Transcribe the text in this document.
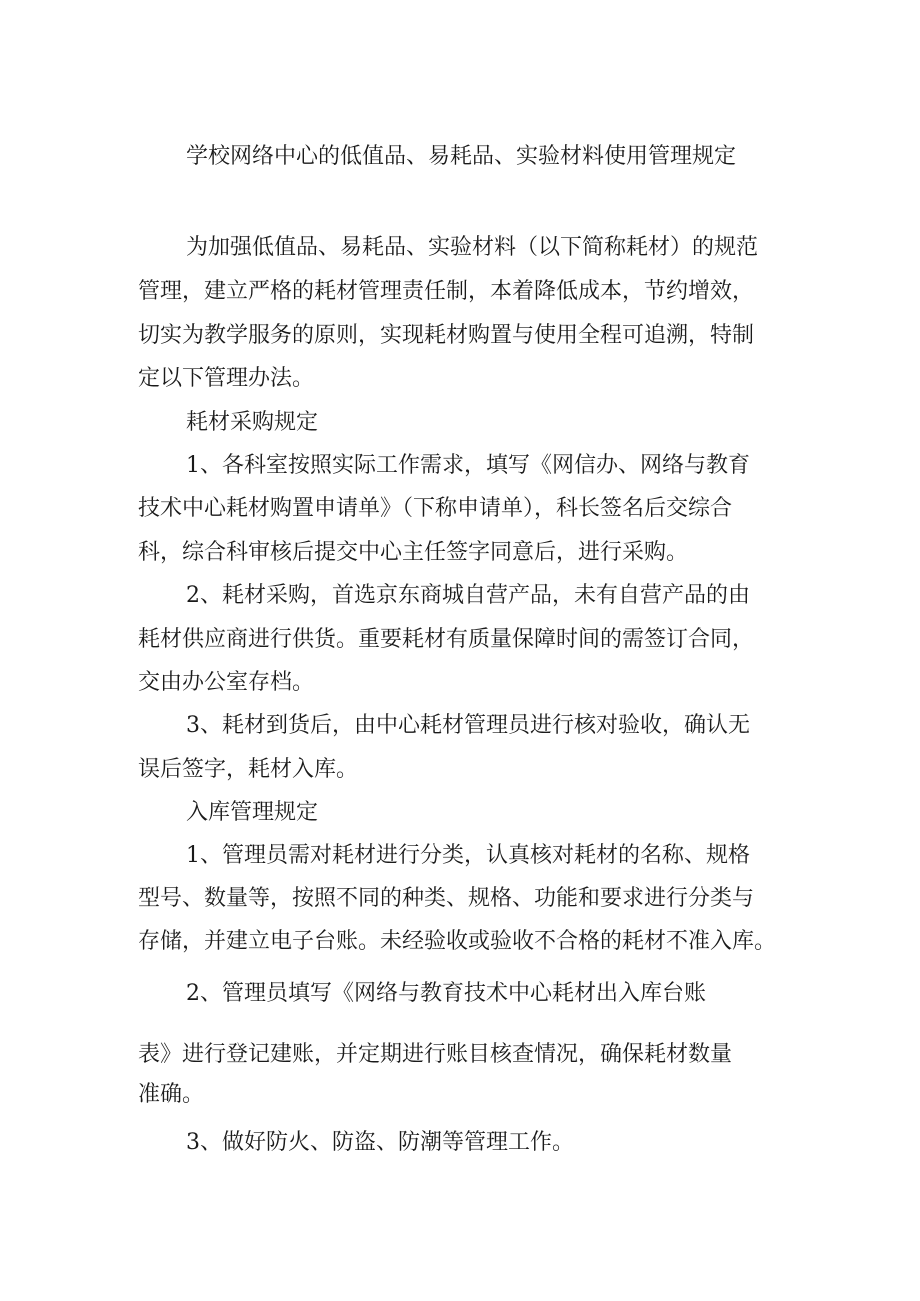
学校网络中心的低值品、易耗品、实验材料使用管理规定

为加强低值品、易耗品、实验材料（以下简称耗材）的规范

管理，建立严格的耗材管理责任制，本着降低成本，节约增效，

切实为教学服务的原则，实现耗材购置与使用全程可追溯，特制

定以下管理办法。

耗材采购规定

1、各科室按照实际工作需求，填写《网信办、网络与教育

技术中心耗材购置申请单》（下称申请单），科长签名后交综合

科，综合科审核后提交中心主任签字同意后，进行采购。

2、耗材采购，首选京东商城自营产品，未有自营产品的由

耗材供应商进行供货。重要耗材有质量保障时间的需签订合同，

交由办公室存档。

3、耗材到货后，由中心耗材管理员进行核对验收，确认无

误后签字，耗材入库。

入库管理规定

1、管理员需对耗材进行分类，认真核对耗材的名称、规格

型号、数量等，按照不同的种类、规格、功能和要求进行分类与

存储，并建立电子台账。未经验收或验收不合格的耗材不准入库。

2、管理员填写《网络与教育技术中心耗材出入库台账

表》进行登记建账，并定期进行账目核查情况，确保耗材数量

准确。

3、做好防火、防盗、防潮等管理工作。
